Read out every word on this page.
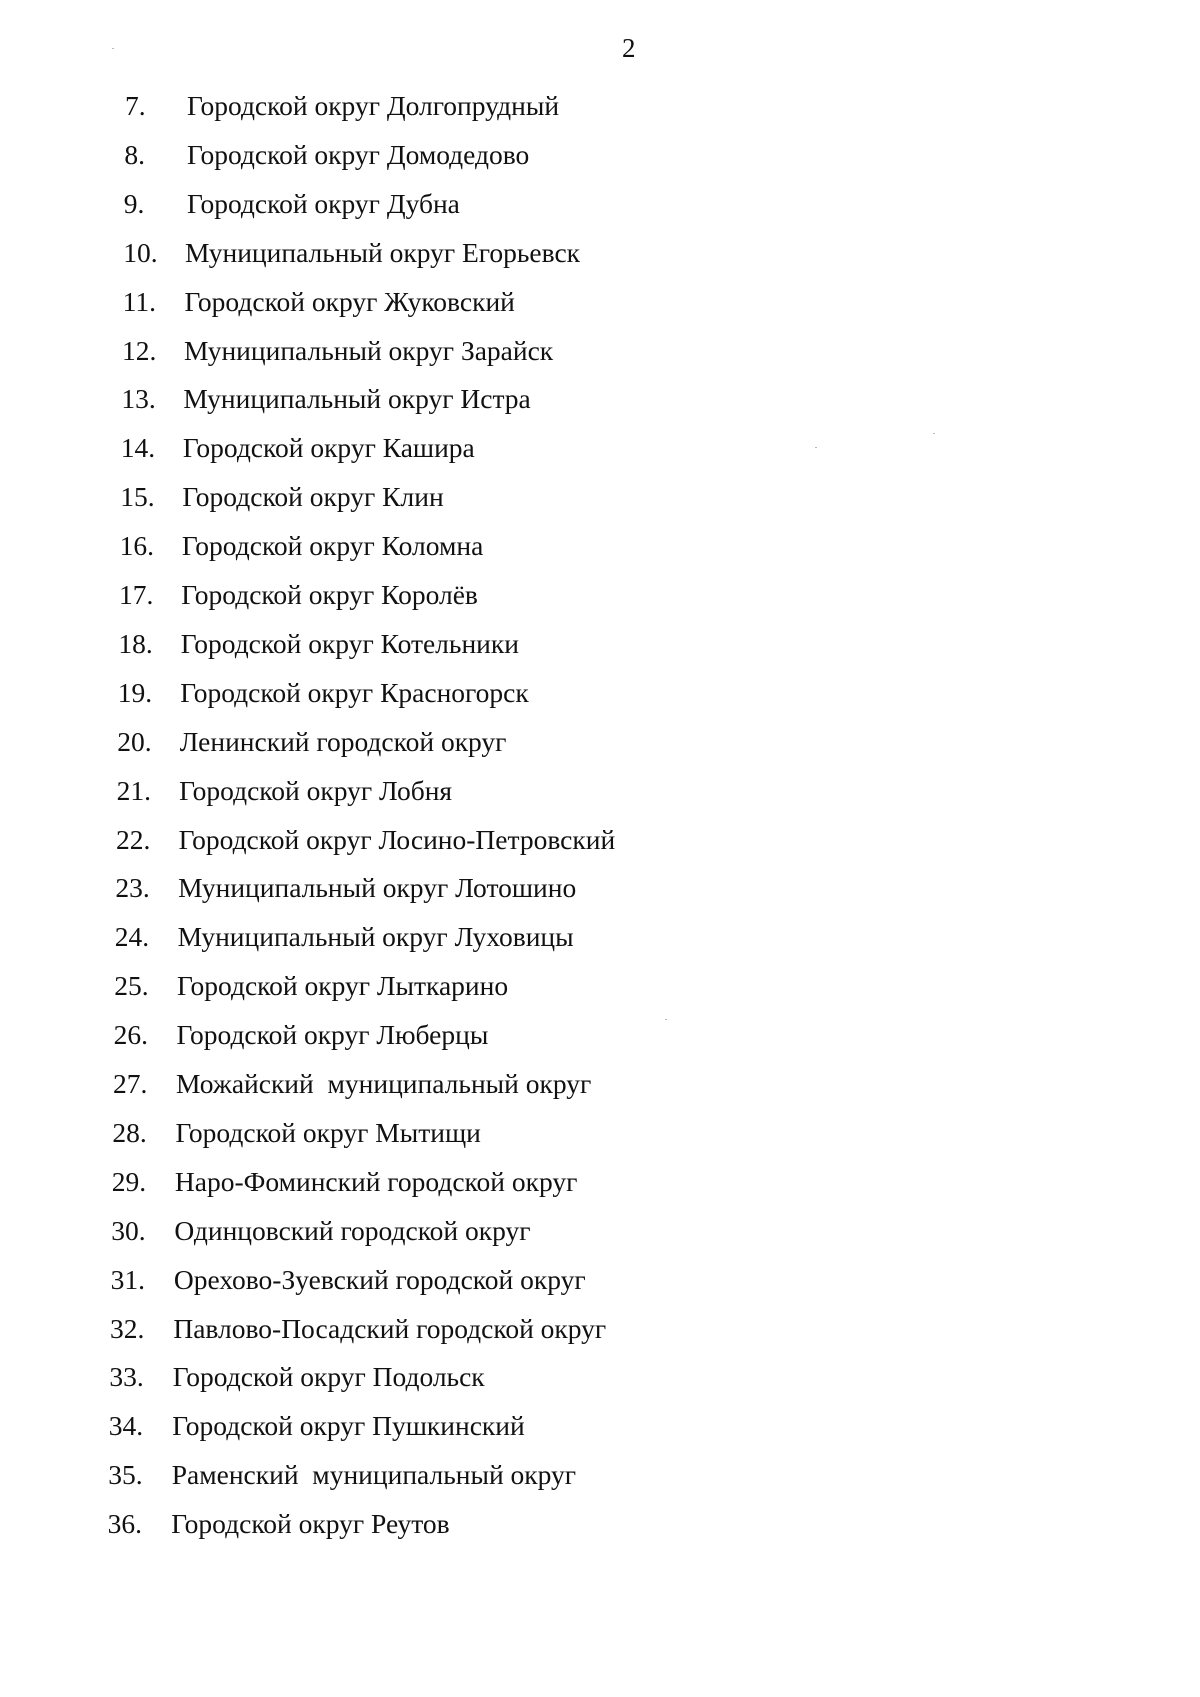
2
7. Городской округ Долгопрудный
8. Городской округ Домодедово
9. Городской округ Дубна
10. Муниципальный округ Егорьевск
11. Городской округ Жуковский
12. Муниципальный округ Зарайск
13. Муниципальный округ Истра
14. Городской округ Кашира
15. Городской округ Клин
16. Городской округ Коломна
17. Городской округ Королёв
18. Городской округ Котельники
19. Городской округ Красногорск
20. Ленинский городской округ
21. Городской округ Лобня
22. Городской округ Лосино-Петровский
23. Муниципальный округ Лотошино
24. Муниципальный округ Луховицы
25. Городской округ Лыткарино
26. Городской округ Люберцы
27. Можайский  муниципальный округ
28. Городской округ Мытищи
29. Наро-Фоминский городской округ
30. Одинцовский городской округ
31. Орехово-Зуевский городской округ
32. Павлово-Посадский городской округ
33. Городской округ Подольск
34. Городской округ Пушкинский
35. Раменский  муниципальный округ
36. Городской округ Реутов
